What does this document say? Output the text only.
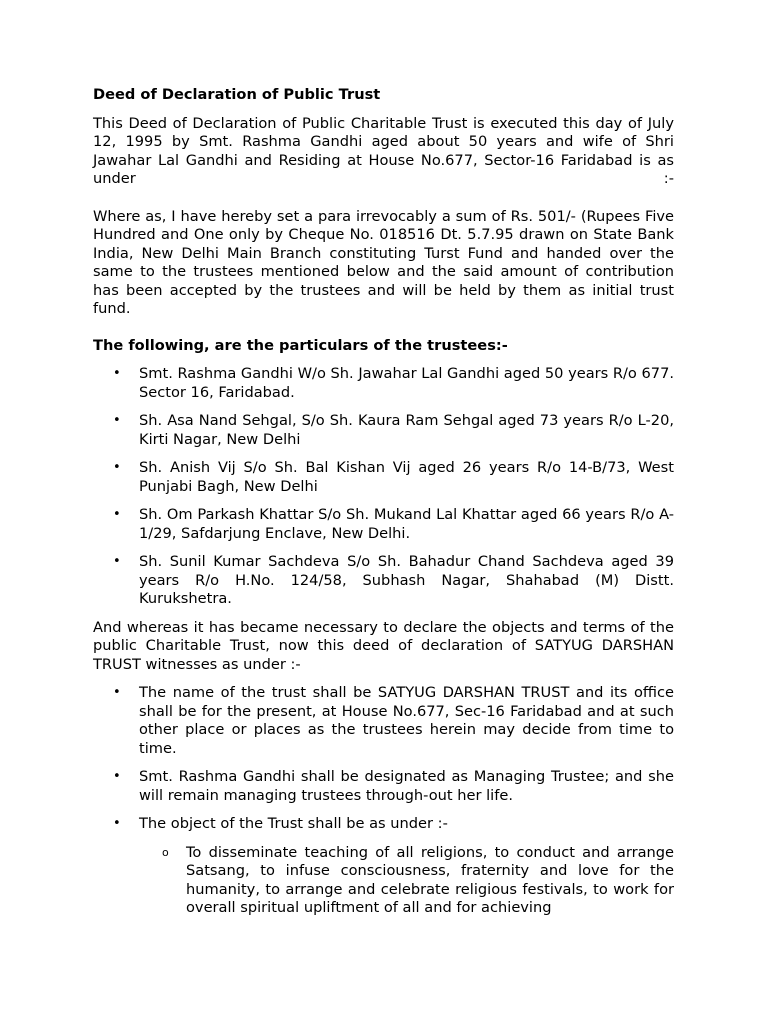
Deed of Declaration of Public Trust

This Deed of Declaration of Public Charitable Trust is executed this day of July 12, 1995 by Smt. Rashma Gandhi aged about 50 years and wife of Shri Jawahar Lal Gandhi and Residing at House No.677, Sector-16 Faridabad is as under :-

Where as, I have hereby set a para irrevocably a sum of Rs. 501/- (Rupees Five Hundred and One only by Cheque No. 018516 Dt. 5.7.95 drawn on State Bank India, New Delhi Main Branch constituting Turst Fund and handed over the same to the trustees mentioned below and the said amount of contribution has been accepted by the trustees and will be held by them as initial trust fund.

The following, are the particulars of the trustees:-
• Smt. Rashma Gandhi W/o Sh. Jawahar Lal Gandhi aged 50 years R/o 677. Sector 16, Faridabad.
• Sh. Asa Nand Sehgal, S/o Sh. Kaura Ram Sehgal aged 73 years R/o L-20, Kirti Nagar, New Delhi
• Sh. Anish Vij S/o Sh. Bal Kishan Vij aged 26 years R/o 14-B/73, West Punjabi Bagh, New Delhi
• Sh. Om Parkash Khattar S/o Sh. Mukand Lal Khattar aged 66 years R/o A-1/29, Safdarjung Enclave, New Delhi.
• Sh. Sunil Kumar Sachdeva S/o Sh. Bahadur Chand Sachdeva aged 39 years R/o H.No. 124/58, Subhash Nagar, Shahabad (M) Distt. Kurukshetra.

And whereas it has became necessary to declare the objects and terms of the public Charitable Trust, now this deed of declaration of SATYUG DARSHAN TRUST witnesses as under :-

• The name of the trust shall be SATYUG DARSHAN TRUST and its office shall be for the present, at House No.677, Sec-16 Faridabad and at such other place or places as the trustees herein may decide from time to time.
• Smt. Rashma Gandhi shall be designated as Managing Trustee; and she will remain managing trustees through-out her life.
• The object of the Trust shall be as under :-
o To disseminate teaching of all religions, to conduct and arrange Satsang, to infuse consciousness, fraternity and love for the humanity, to arrange and celebrate religious festivals, to work for overall spiritual upliftment of all and for achieving
